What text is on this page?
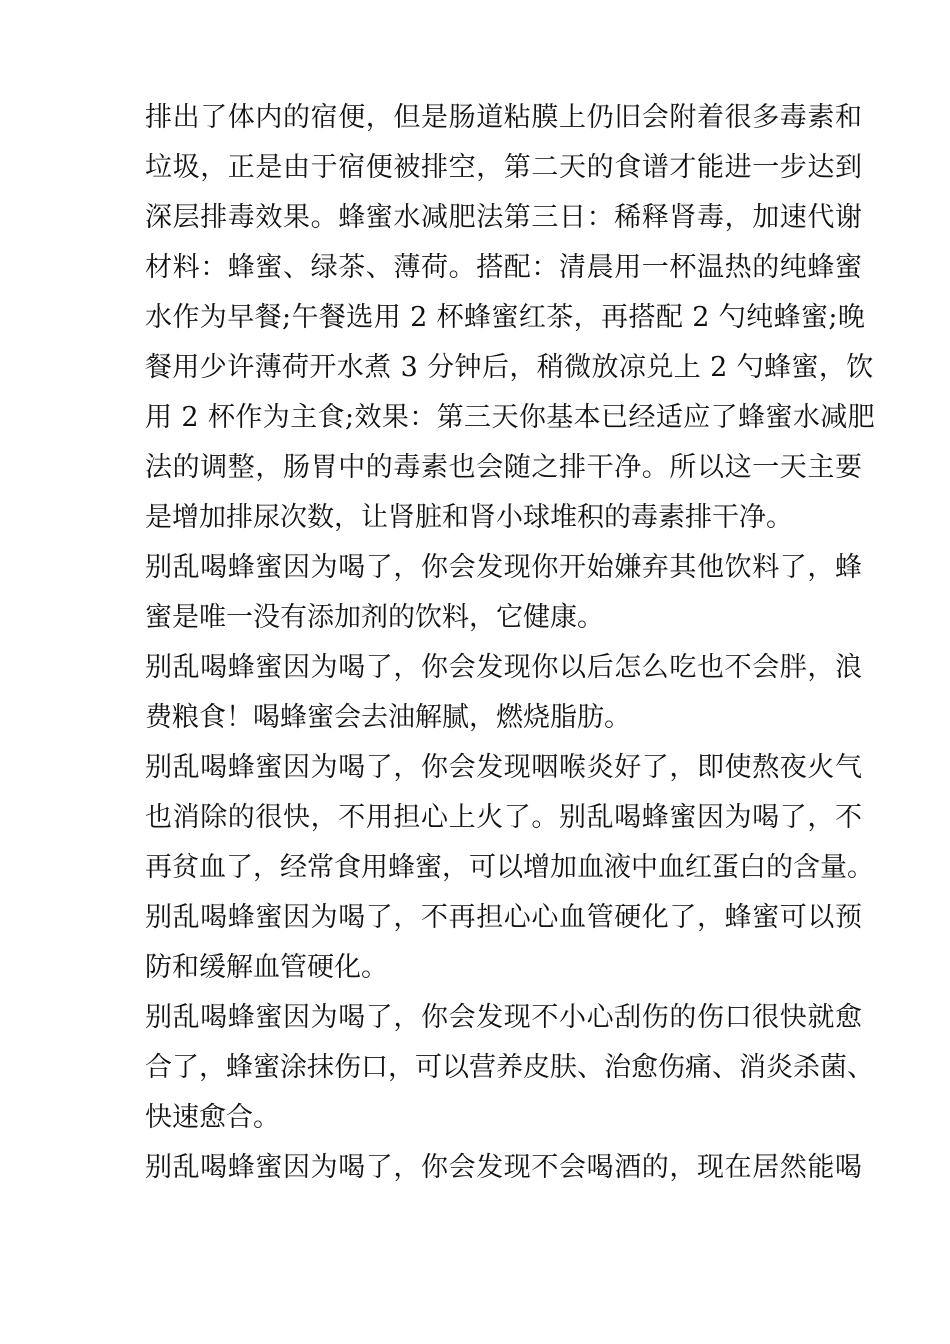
排出了体内的宿便，但是肠道粘膜上仍旧会附着很多毒素和

垃圾，正是由于宿便被排空，第二天的食谱才能进一步达到

深层排毒效果。蜂蜜水减肥法第三日：稀释肾毒，加速代谢

材料：蜂蜜、绿茶、薄荷。搭配：清晨用一杯温热的纯蜂蜜

水作为早餐;午餐选用 2 杯蜂蜜红茶，再搭配 2 勺纯蜂蜜;晚

餐用少许薄荷开水煮 3 分钟后，稍微放凉兑上 2 勺蜂蜜，饮

用 2 杯作为主食;效果：第三天你基本已经适应了蜂蜜水减肥

法的调整，肠胃中的毒素也会随之排干净。所以这一天主要

是增加排尿次数，让肾脏和肾小球堆积的毒素排干净。

别乱喝蜂蜜因为喝了，你会发现你开始嫌弃其他饮料了，蜂

蜜是唯一没有添加剂的饮料，它健康。

别乱喝蜂蜜因为喝了，你会发现你以后怎么吃也不会胖，浪

费粮食！喝蜂蜜会去油解腻，燃烧脂肪。

别乱喝蜂蜜因为喝了，你会发现咽喉炎好了，即使熬夜火气

也消除的很快，不用担心上火了。别乱喝蜂蜜因为喝了，不

再贫血了，经常食用蜂蜜，可以增加血液中血红蛋白的含量。

别乱喝蜂蜜因为喝了，不再担心心血管硬化了，蜂蜜可以预

防和缓解血管硬化。

别乱喝蜂蜜因为喝了，你会发现不小心刮伤的伤口很快就愈

合了，蜂蜜涂抹伤口，可以营养皮肤、治愈伤痛、消炎杀菌、

快速愈合。

别乱喝蜂蜜因为喝了，你会发现不会喝酒的，现在居然能喝
